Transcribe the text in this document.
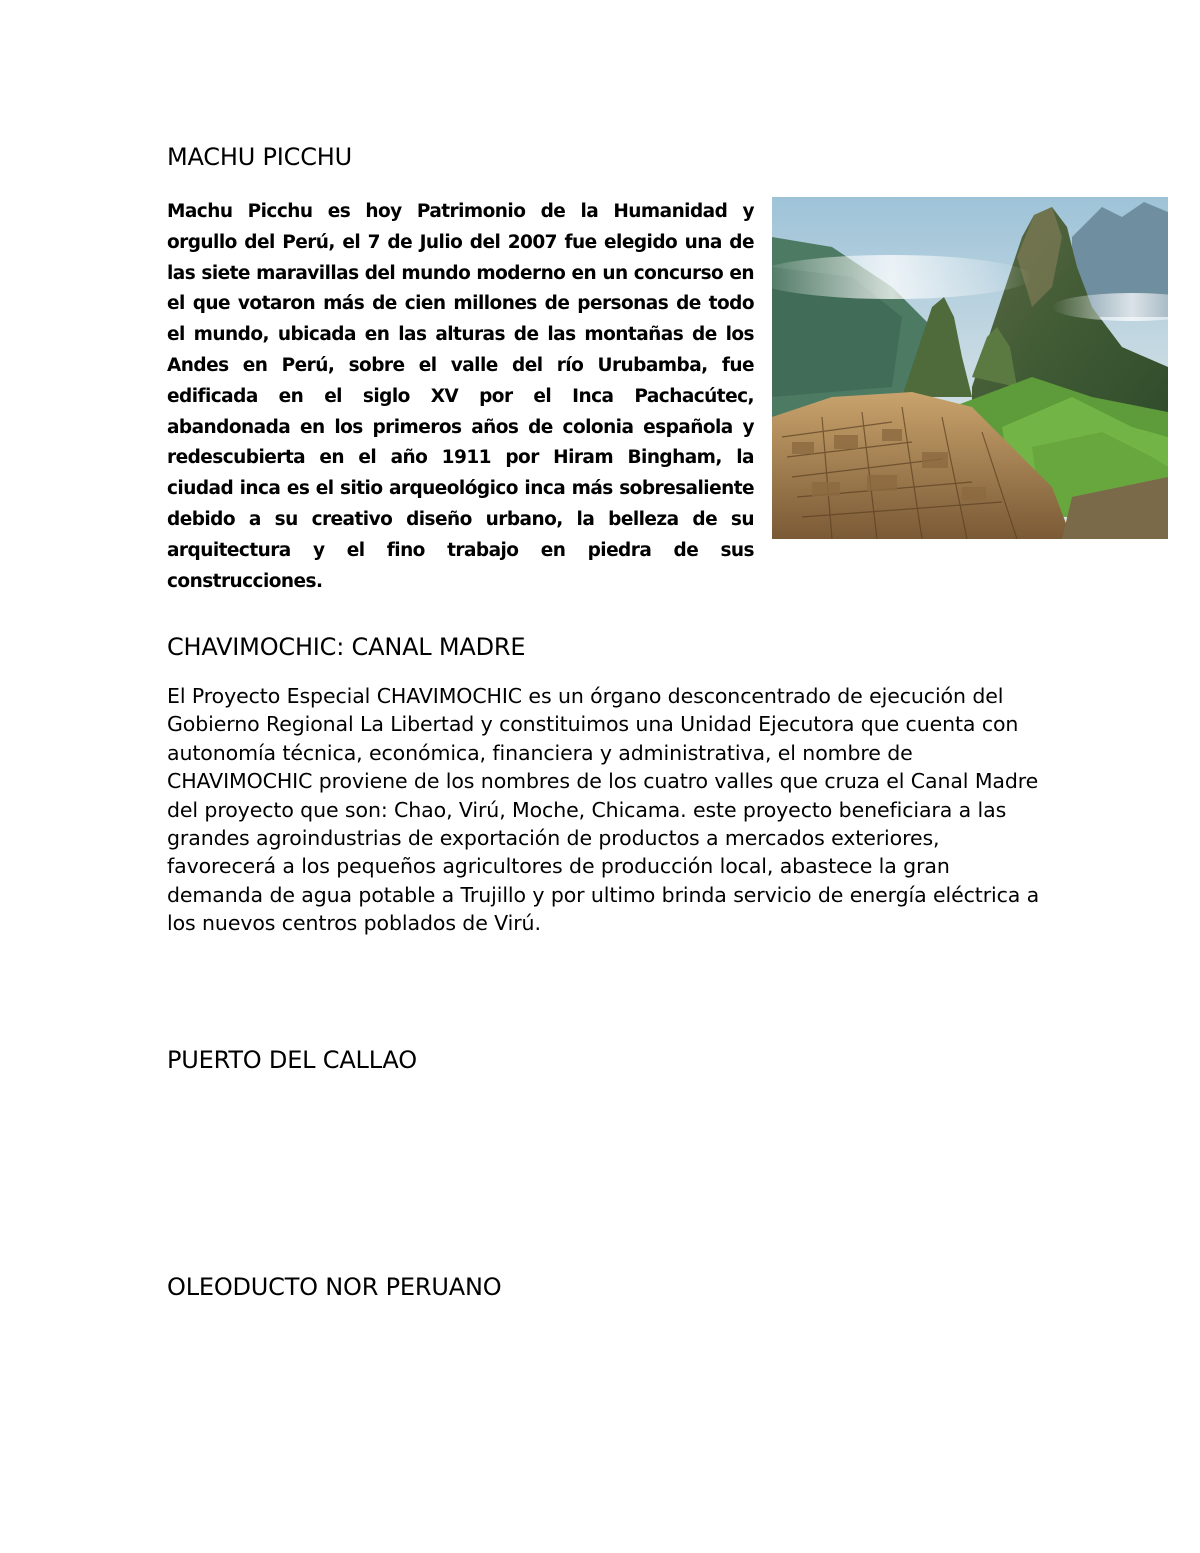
MACHU PICCHU

Machu Picchu es hoy Patrimonio de la Humanidad y orgullo del Perú, el 7 de Julio del 2007 fue elegido una de las siete maravillas del mundo moderno en un concurso en el que votaron más de cien millones de personas de todo el mundo, ubicada en las alturas de las montañas de los Andes en Perú, sobre el valle del río Urubamba, fue edificada en el siglo XV por el Inca Pachacútec, abandonada en los primeros años de colonia española y redescubierta en el año 1911 por Hiram Bingham, la ciudad inca es el sitio arqueológico inca más sobresaliente debido a su creativo diseño urbano, la belleza de su arquitectura y el fino trabajo en piedra de sus construcciones.

CHAVIMOCHIC: CANAL MADRE

El Proyecto Especial CHAVIMOCHIC es un órgano desconcentrado de ejecución del Gobierno Regional La Libertad y constituimos una Unidad Ejecutora que cuenta con autonomía técnica, económica, financiera y administrativa, el nombre de CHAVIMOCHIC proviene de los nombres de los cuatro valles que cruza el Canal Madre del proyecto que son: Chao, Virú, Moche, Chicama. este proyecto beneficiara a las grandes agroindustrias de exportación de productos a mercados exteriores, favorecerá a los pequeños agricultores de producción local, abastece la gran demanda de agua potable a Trujillo y por ultimo brinda servicio de energía eléctrica a los nuevos centros poblados de Virú.

PUERTO DEL CALLAO
OLEODUCTO NOR PERUANO
